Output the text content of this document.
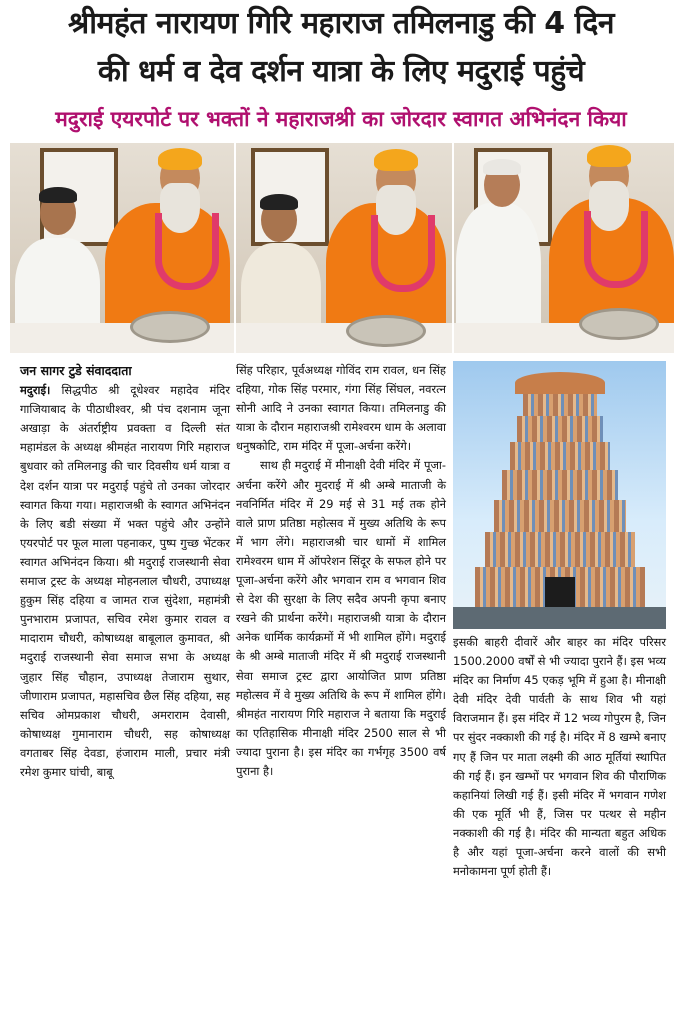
श्रीमहंत नारायण गिरि महाराज तमिलनाडु की 4 दिन
की धर्म व देव दर्शन यात्रा के लिए मदुराई पहुंचे
मदुराई एयरपोर्ट पर भक्तों ने महाराजश्री का जोरदार स्वागत अभिनंदन किया

जन सागर टुडे संवाददाता

मदुराई। सिद्धपीठ श्री दूधेश्वर महादेव मंदिर गाजियाबाद के पीठाधीश्वर, श्री पंच दशनाम जूना अखाड़ा के अंतर्राष्ट्रीय प्रवक्ता व दिल्ली संत महामंडल के अध्यक्ष श्रीमहंत नारायण गिरि महाराज बुधवार को तमिलनाडु की चार दिवसीय धर्म यात्रा व देश दर्शन यात्रा पर मदुराई पहुंचे तो उनका जोरदार स्वागत किया गया। महाराजश्री के स्वागत अभिनंदन के लिए बडी संख्या में भक्त पहुंचे और उन्होंने एयरपोर्ट पर फूल माला पहनाकर, पुष्प गुच्छ भेंटकर स्वागत अभिनंदन किया। श्री मदुराई राजस्थानी सेवा समाज ट्रस्ट के अध्यक्ष मोहनलाल चौधरी, उपाध्यक्ष हुकुम सिंह दहिया व जामत राज सुंदेशा, महामंत्री पुनभाराम प्रजापत, सचिव रमेश कुमार रावल व मादाराम चौधरी, कोषाध्यक्ष बाबूलाल कुमावत, श्री मदुराई राजस्थानी सेवा समाज सभा के अध्यक्ष जुहार सिंह चौहान, उपाध्यक्ष तेजाराम सुथार, जीणाराम प्रजापत, महासचिव छैल सिंह दहिया, सह सचिव ओमप्रकाश चौधरी, अमराराम देवासी, कोषाध्यक्ष गुमानाराम चौधरी, सह कोषाध्यक्ष वगताबर सिंह देवडा, हंजाराम माली, प्रचार मंत्री रमेश कुमार घांची, बाबू

सिंह परिहार, पूर्वअध्यक्ष गोविंद राम रावल, धन सिंह दहिया, गोक सिंह परमार, गंगा सिंह सिंघल, नवरत्न सोनी आदि ने उनका स्वागत किया। तमिलनाडु की यात्रा के दौरान महाराजश्री रामेश्वरम धाम के अलावा धनुषकोटि, राम मंदिर में पूजा-अर्चना करेंगे।

साथ ही मदुराई में मीनाक्षी देवी मंदिर में पूजा-अर्चना करेंगे और मुदराई में श्री अम्बे माताजी के नवनिर्मित मंदिर में 29 मई से 31 मई तक होने वाले प्राण प्रतिष्ठा महोत्सव में मुख्य अतिथि के रूप में भाग लेंगे। महाराजश्री चार धामों में शामिल रामेश्वरम धाम में ऑपरेशन सिंदूर के सफल होने पर पूजा-अर्चना करेंगे और भगवान राम व भगवान शिव से देश की सुरक्षा के लिए सदैव अपनी कृपा बनाए रखने की प्रार्थना करेंगे। महाराजश्री यात्रा के दौरान अनेक धार्मिक कार्यक्रमों में भी शामिल होंगे। मदुराई के श्री अम्बे माताजी मंदिर में श्री मदुराई राजस्थानी सेवा समाज ट्रस्ट द्वारा आयोजित प्राण प्रतिष्ठा महोत्सव में वे मुख्य अतिथि के रूप में शामिल होंगे। श्रीमहंत नारायण गिरि महाराज ने बताया कि मदुराई का एतिहासिक मीनाक्षी मंदिर 2500 साल से भी ज्यादा पुराना है। इस मंदिर का गर्भगृह 3500 वर्ष पुराना है।

इसकी बाहरी दीवारें और बाहर का मंदिर परिसर 1500.2000 वर्षों से भी ज्यादा पुराने हैं। इस भव्य मंदिर का निर्माण 45 एकड़ भूमि में हुआ है। मीनाक्षी देवी मंदिर देवी पार्वती के साथ शिव भी यहां विराजमान हैं। इस मंदिर में 12 भव्य गोपुरम है, जिन पर सुंदर नक्काशी की गई है। मंदिर में 8 खम्भे बनाए गए हैं जिन पर माता लक्ष्मी की आठ मूर्तियां स्थापित की गई हैं। इन खम्भों पर भगवान शिव की पौराणिक कहानियां लिखी गई हैं। इसी मंदिर में भगवान गणेश की एक मूर्ति भी हैं, जिस पर पत्थर से महीन नक्काशी की गई है। मंदिर की मान्यता बहुत अधिक है और यहां पूजा-अर्चना करने वालों की सभी मनोकामना पूर्ण होती हैं।
